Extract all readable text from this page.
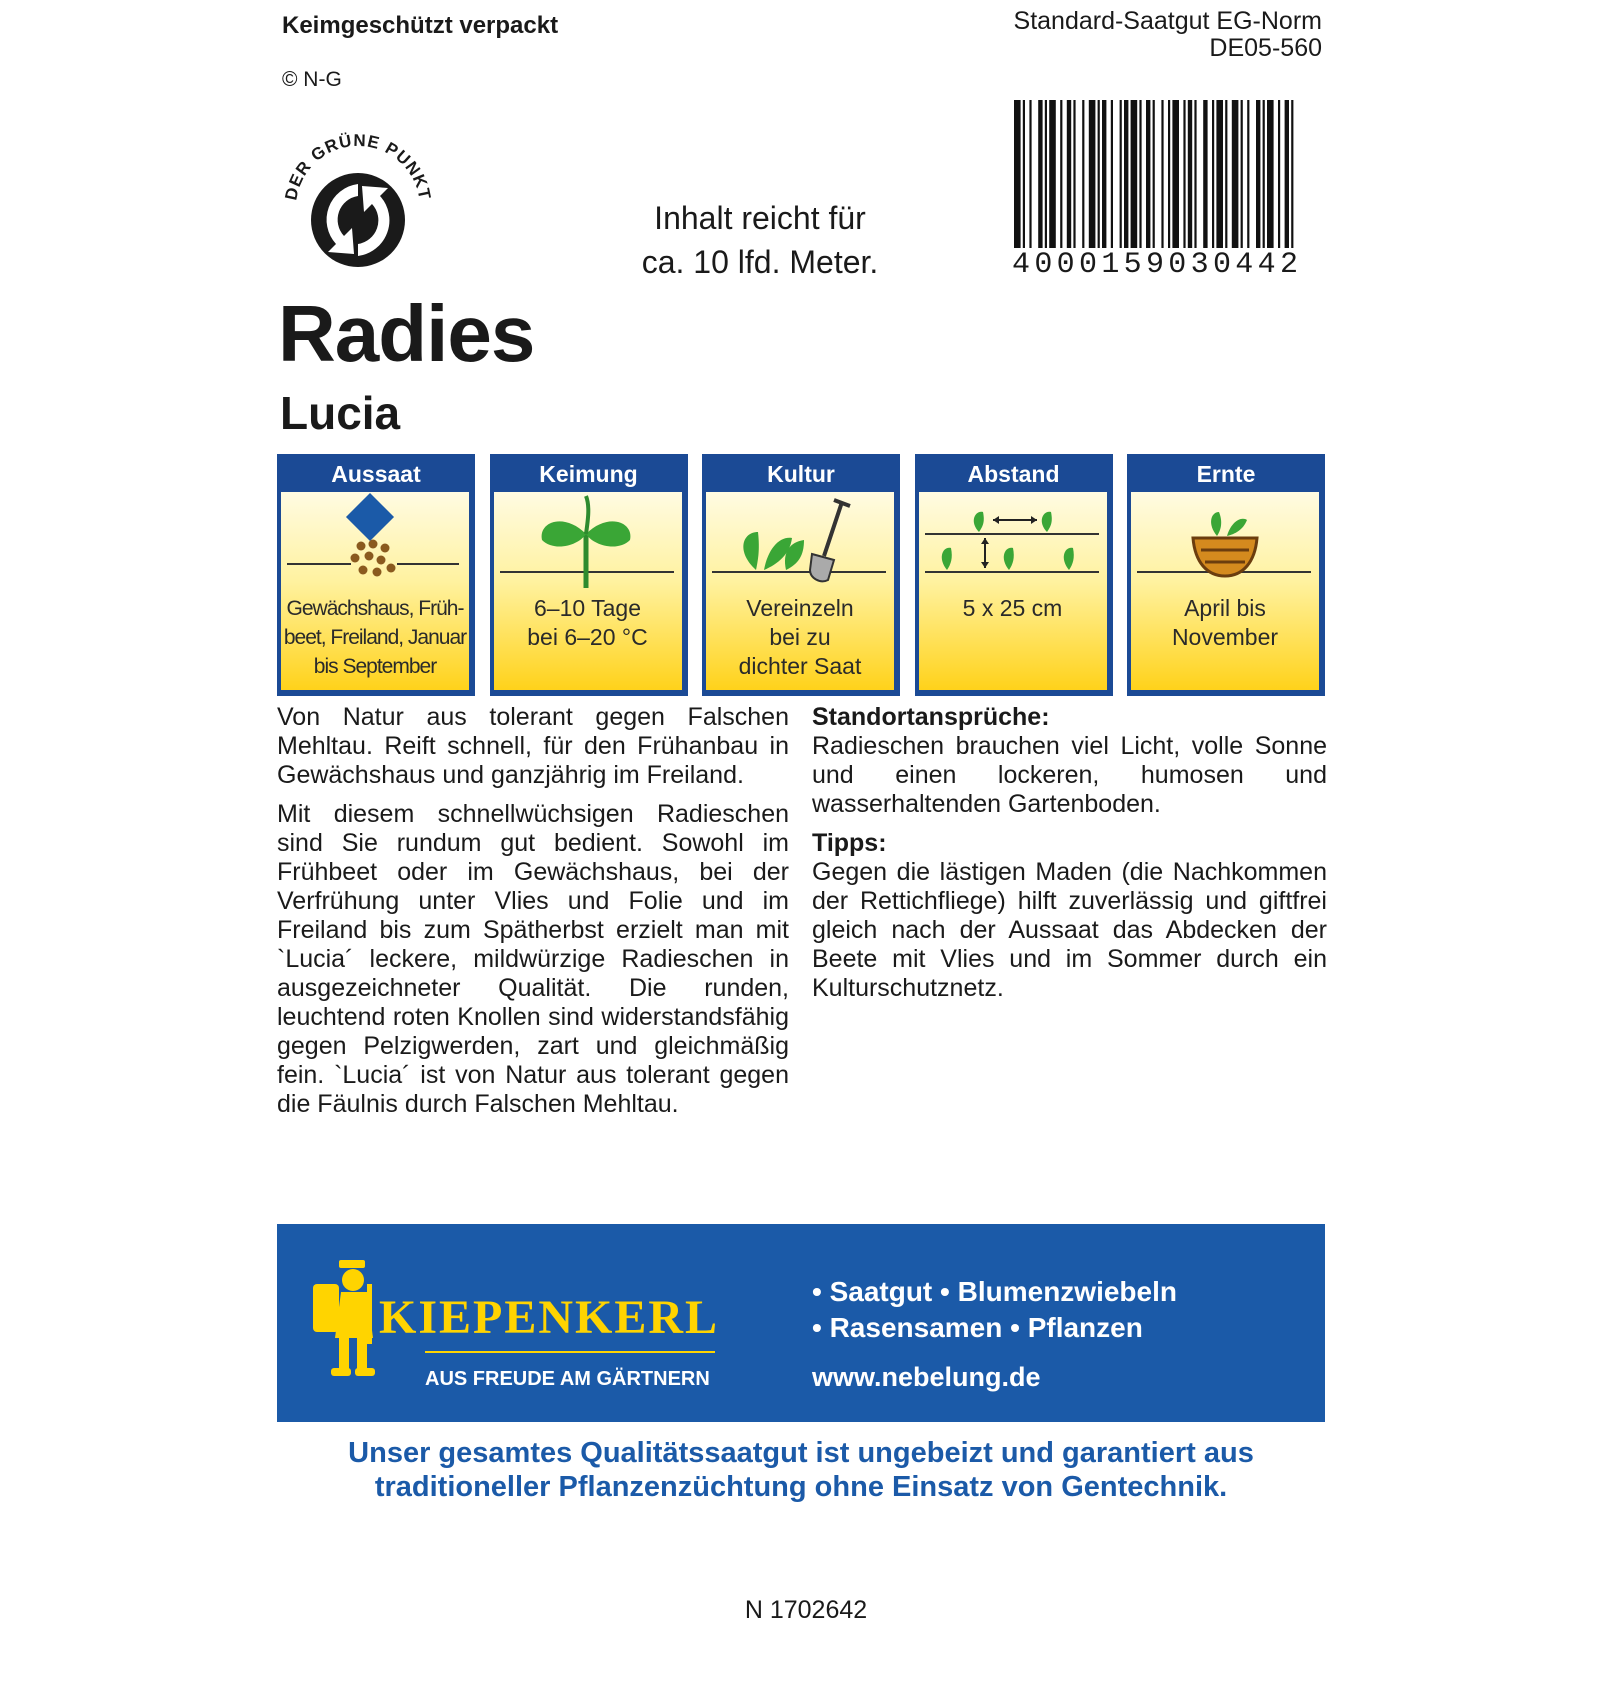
Keimgeschützt verpackt
© N-G
Standard-Saatgut EG-Norm
DE05-560
DER GRÜNE PUNKT
Inhalt reicht für
ca. 10 lfd. Meter.	4 0 0 0 1 5 9 0 3 0 4 4 2
Radies
Lucia
Aussaat
Gewächshaus, Früh-
beet, Freiland, Januar
bis September
Keimung
6–10 Tage
bei 6–20 °C
Kultur
Vereinzeln
bei zu
dichter Saat
Abstand
5 x 25 cm
Ernte
April bis
November

Von Natur aus tolerant gegen Falschen Mehltau. Reift schnell, für den Frühanbau in Gewächshaus und ganzjährig im Freiland.

Mit diesem schnellwüchsigen Radieschen sind Sie rundum gut bedient. Sowohl im Frühbeet oder im Gewächshaus, bei der Verfrühung unter Vlies und Folie und im Freiland bis zum Spätherbst erzielt man mit `Lucia´ leckere, mildwürzige Radieschen in ausgezeichneter Qualität. Die runden, leuchtend roten Knollen sind widerstandsfähig gegen Pelzigwerden, zart und gleichmäßig fein. `Lucia´ ist von Natur aus tolerant gegen die Fäulnis durch Falschen Mehltau.

Standortansprüche:

Radieschen brauchen viel Licht, volle Sonne und einen lockeren, humosen und wasserhaltenden Gartenboden.

Tipps:

Gegen die lästigen Maden (die Nachkommen der Rettichfliege) hilft zuverlässig und giftfrei gleich nach der Aussaat das Abdecken der Beete mit Vlies und im Sommer durch ein Kulturschutznetz.

KIEPENKERL
AUS FREUDE AM GÄRTNERN
• Saatgut • Blumenzwiebeln
• Rasensamen • Pflanzen
www.nebelung.de
Unser gesamtes Qualitätssaatgut ist ungebeizt und garantiert aus
traditioneller Pflanzenzüchtung ohne Einsatz von Gentechnik.
N 1702642
